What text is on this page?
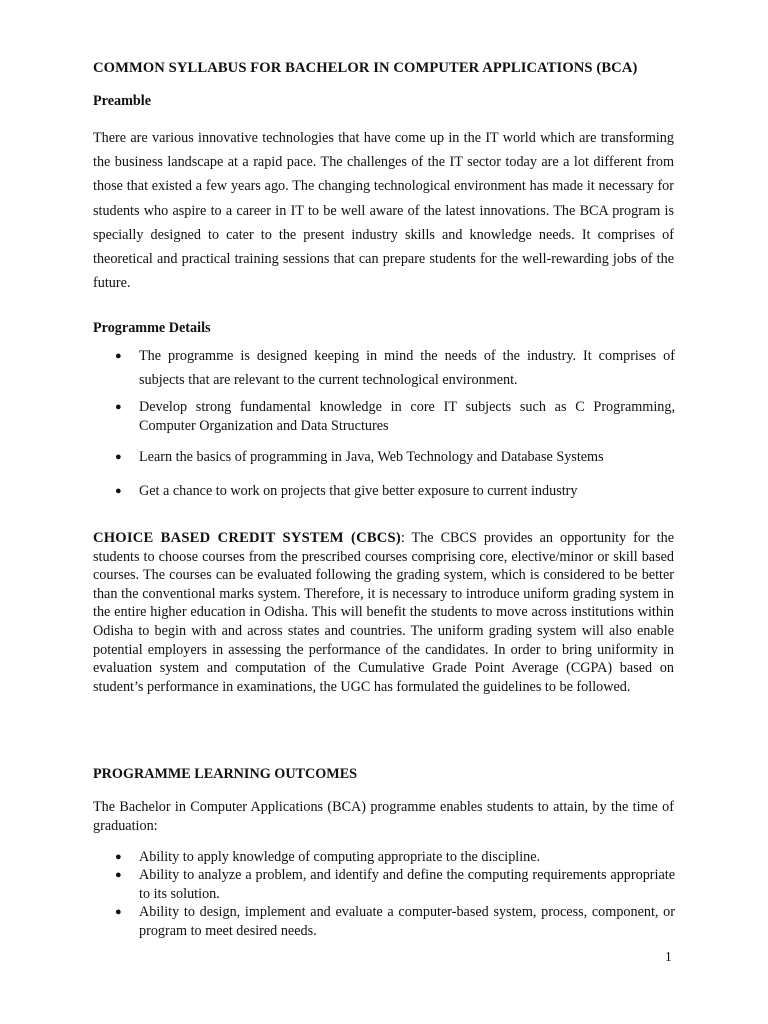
COMMON SYLLABUS FOR BACHELOR IN COMPUTER APPLICATIONS (BCA)
Preamble
There are various innovative technologies that have come up in the IT world which are transforming the business landscape at a rapid pace. The challenges of the IT sector today are a lot different from those that existed a few years ago. The changing technological environment has made it necessary for students who aspire to a career in IT to be well aware of the latest innovations. The BCA program is specially designed to cater to the present industry skills and knowledge needs. It comprises of theoretical and practical training sessions that can prepare students for the well-rewarding jobs of the future.
Programme Details
● The programme is designed keeping in mind the needs of the industry. It comprises of subjects that are relevant to the current technological environment.
● Develop strong fundamental knowledge in core IT subjects such as C Programming, Computer Organization and Data Structures
● Learn the basics of programming in Java, Web Technology and Database Systems
● Get a chance to work on projects that give better exposure to current industry
CHOICE BASED CREDIT SYSTEM (CBCS): The CBCS provides an opportunity for the students to choose courses from the prescribed courses comprising core, elective/minor or skill based courses. The courses can be evaluated following the grading system, which is considered to be better than the conventional marks system. Therefore, it is necessary to introduce uniform grading system in the entire higher education in Odisha. This will benefit the students to move across institutions within Odisha to begin with and across states and countries. The uniform grading system will also enable potential employers in assessing the performance of the candidates. In order to bring uniformity in evaluation system and computation of the Cumulative Grade Point Average (CGPA) based on student’s performance in examinations, the UGC has formulated the guidelines to be followed.
PROGRAMME LEARNING OUTCOMES
The Bachelor in Computer Applications (BCA) programme enables students to attain, by the time of graduation:
● Ability to apply knowledge of computing appropriate to the discipline.
● Ability to analyze a problem, and identify and define the computing requirements appropriate to its solution.
● Ability to design, implement and evaluate a computer-based system, process, component, or program to meet desired needs.
1
